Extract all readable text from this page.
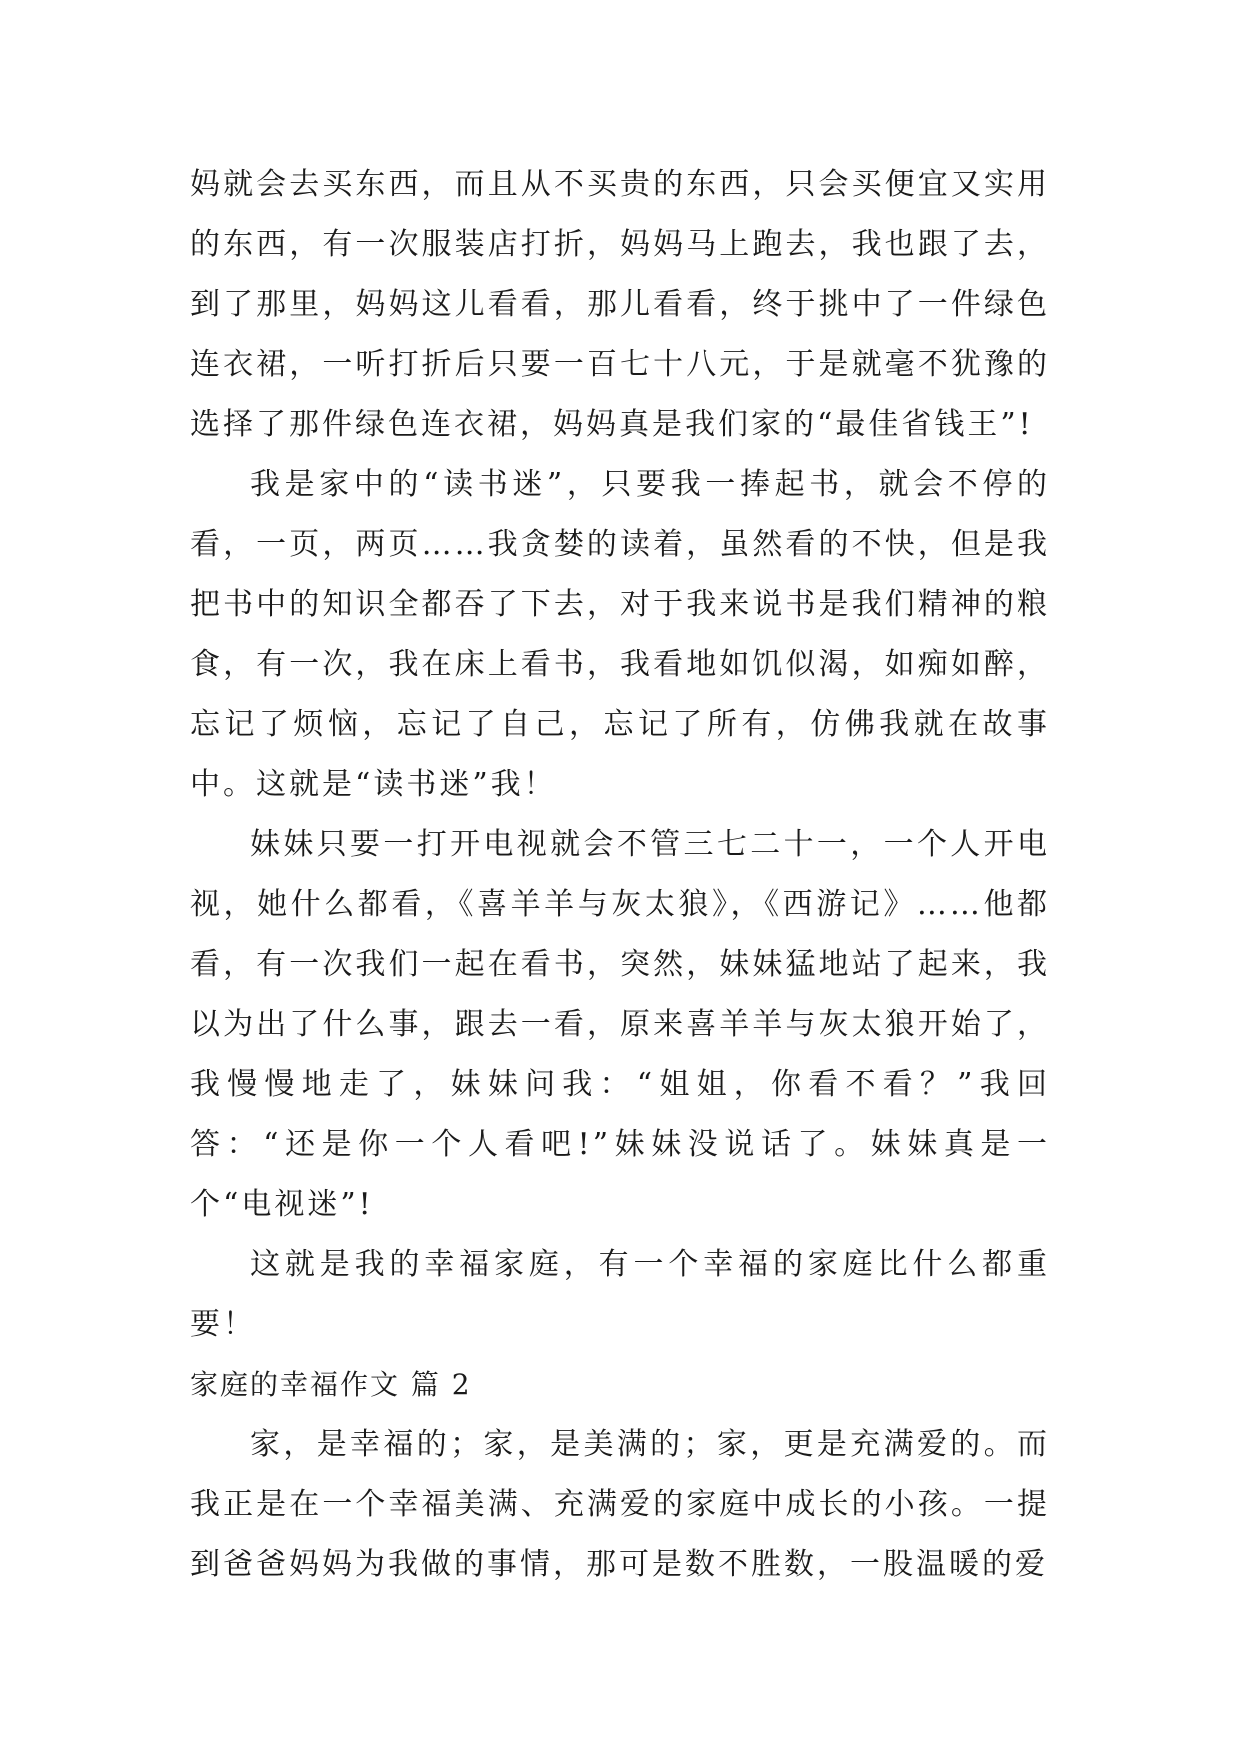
妈就会去买东西，而且从不买贵的东西，只会买便宜又实用的东西，有一次服装店打折，妈妈马上跑去，我也跟了去，到了那里，妈妈这儿看看，那儿看看，终于挑中了一件绿色连衣裙，一听打折后只要一百七十八元，于是就毫不犹豫的选择了那件绿色连衣裙，妈妈真是我们家的“最佳省钱王”!

我是家中的“读书迷”，只要我一捧起书，就会不停的看，一页，两页……我贪婪的读着，虽然看的不快，但是我把书中的知识全都吞了下去，对于我来说书是我们精神的粮食，有一次，我在床上看书，我看地如饥似渴，如痴如醉，忘记了烦恼，忘记了自己，忘记了所有，仿佛我就在故事中。这就是“读书迷”我！

妹妹只要一打开电视就会不管三七二十一，一个人开电视，她什么都看，《喜羊羊与灰太狼》，《西游记》……他都看，有一次我们一起在看书，突然，妹妹猛地站了起来，我以为出了什么事，跟去一看，原来喜羊羊与灰太狼开始了，我慢慢地走了，妹妹问我：“姐姐，你看不看？”我回答：“还是你一个人看吧!”妹妹没说话了。妹妹真是一个“电视迷”!

这就是我的幸福家庭，有一个幸福的家庭比什么都重要！

家庭的幸福作文 篇 2

家，是幸福的；家，是美满的；家，更是充满爱的。而我正是在一个幸福美满、充满爱的家庭中成长的小孩。一提到爸爸妈妈为我做的事情，那可是数不胜数，一股温暖的爱
